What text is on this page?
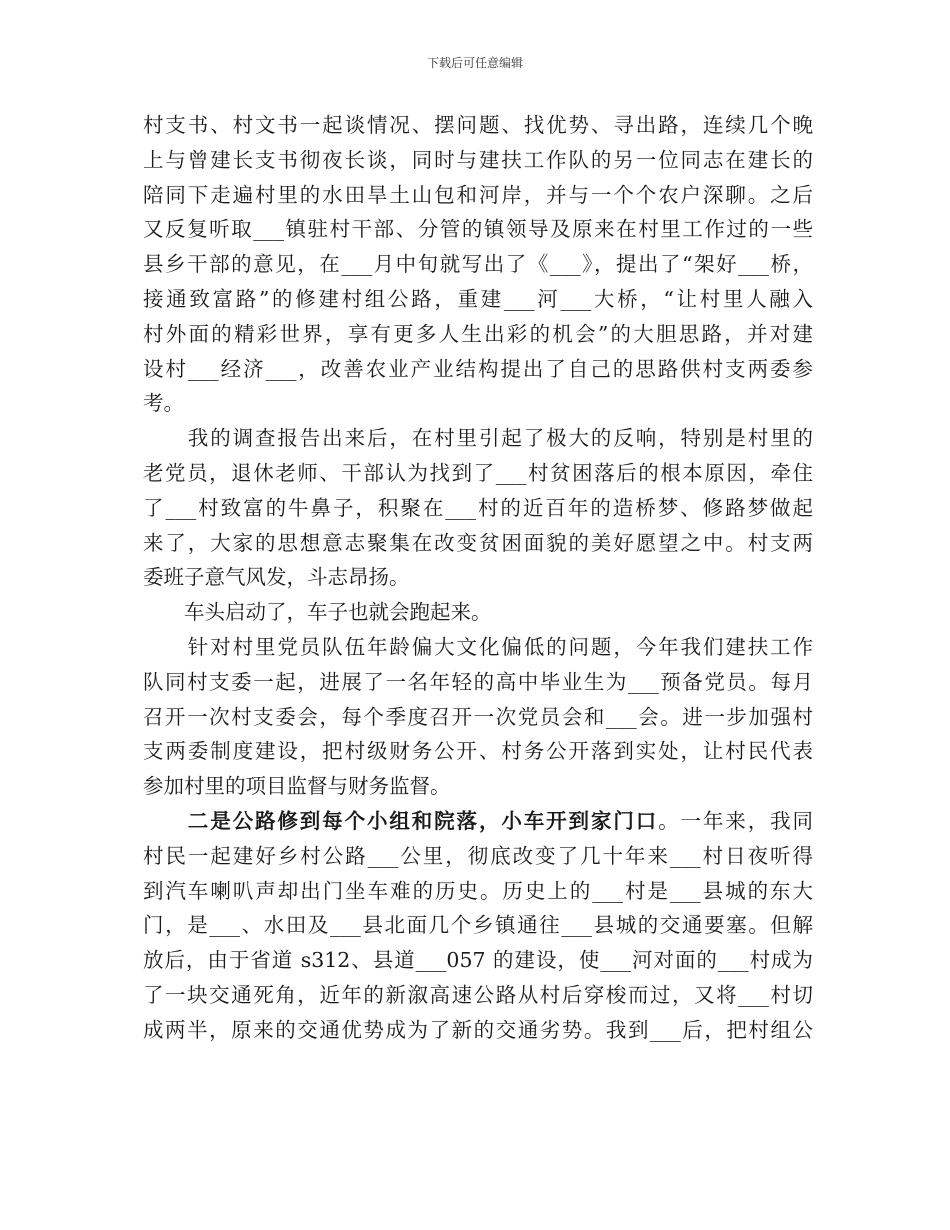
下载后可任意编辑
村支书、村文书一起谈情况、摆问题、找优势、寻出路，连续几个晚
上与曾建长支书彻夜长谈，同时与建扶工作队的另一位同志在建长的
陪同下走遍村里的水田旱土山包和河岸，并与一个个农户深聊。之后
又反复听取___镇驻村干部、分管的镇领导及原来在村里工作过的一些
县乡干部的意见，在___月中旬就写出了《___》，提出了“架好___桥，
接通致富路”的修建村组公路，重建___河___大桥，“让村里人融入
村外面的精彩世界，享有更多人生出彩的机会”的大胆思路，并对建
设村___经济___，改善农业产业结构提出了自己的思路供村支两委参
考。
　　我的调查报告出来后，在村里引起了极大的反响，特别是村里的
老党员，退休老师、干部认为找到了___村贫困落后的根本原因，牵住
了___村致富的牛鼻子，积聚在___村的近百年的造桥梦、修路梦做起
来了，大家的思想意志聚集在改变贫困面貌的美好愿望之中。村支两
委班子意气风发，斗志昂扬。
　　车头启动了，车子也就会跑起来。
　　针对村里党员队伍年龄偏大文化偏低的问题，今年我们建扶工作
队同村支委一起，进展了一名年轻的高中毕业生为___预备党员。每月
召开一次村支委会，每个季度召开一次党员会和___会。进一步加强村
支两委制度建设，把村级财务公开、村务公开落到实处，让村民代表
参加村里的项目监督与财务监督。
　　二是公路修到每个小组和院落，小车开到家门口。一年来，我同
村民一起建好乡村公路___公里，彻底改变了几十年来___村日夜听得
到汽车喇叭声却出门坐车难的历史。历史上的___村是___县城的东大
门，是___、水田及___县北面几个乡镇通往___县城的交通要塞。但解
放后，由于省道 s312、县道___057 的建设，使___河对面的___村成为
了一块交通死角，近年的新溆高速公路从村后穿梭而过，又将___村切
成两半，原来的交通优势成为了新的交通劣势。我到___后，把村组公
